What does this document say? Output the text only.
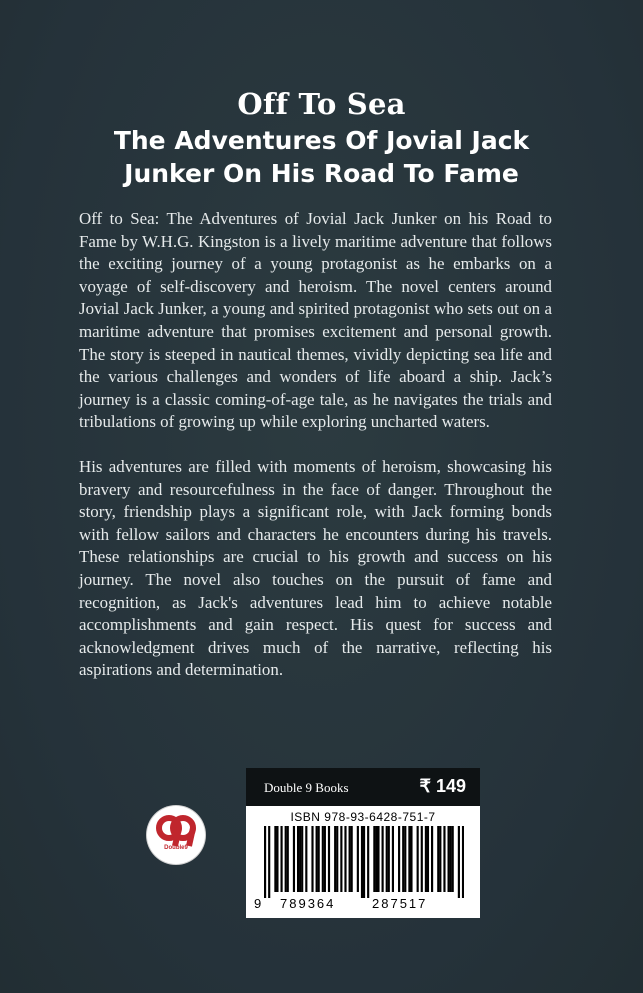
Off To Sea
The Adventures Of Jovial Jack
Junker On His Road To Fame

Off to Sea: The Adventures of Jovial Jack Junker on his Road to Fame by W.H.G. Kingston is a lively maritime adventure that follows the exciting journey of a young protagonist as he embarks on a voyage of self-discovery and heroism. The novel centers around Jovial Jack Junker, a young and spirited protagonist who sets out on a maritime adventure that promises excitement and personal growth. The story is steeped in nautical themes, vividly depicting sea life and the various challenges and wonders of life aboard a ship. Jack’s journey is a classic coming-of-age tale, as he navigates the trials and tribulations of growing up while exploring uncharted waters.

His adventures are filled with moments of heroism, showcasing his bravery and resourcefulness in the face of danger. Throughout the story, friendship plays a significant role, with Jack forming bonds with fellow sailors and characters he encounters during his travels. These relationships are crucial to his growth and success on his journey. The novel also touches on the pursuit of fame and recognition, as Jack's adventures lead him to achieve notable accomplishments and gain respect. His quest for success and acknowledgment drives much of the narrative, reflecting his aspirations and determination.

Double9
Double 9 Books	₹ 149
ISBN 978-93-6428-751-7
9 789364	287517
